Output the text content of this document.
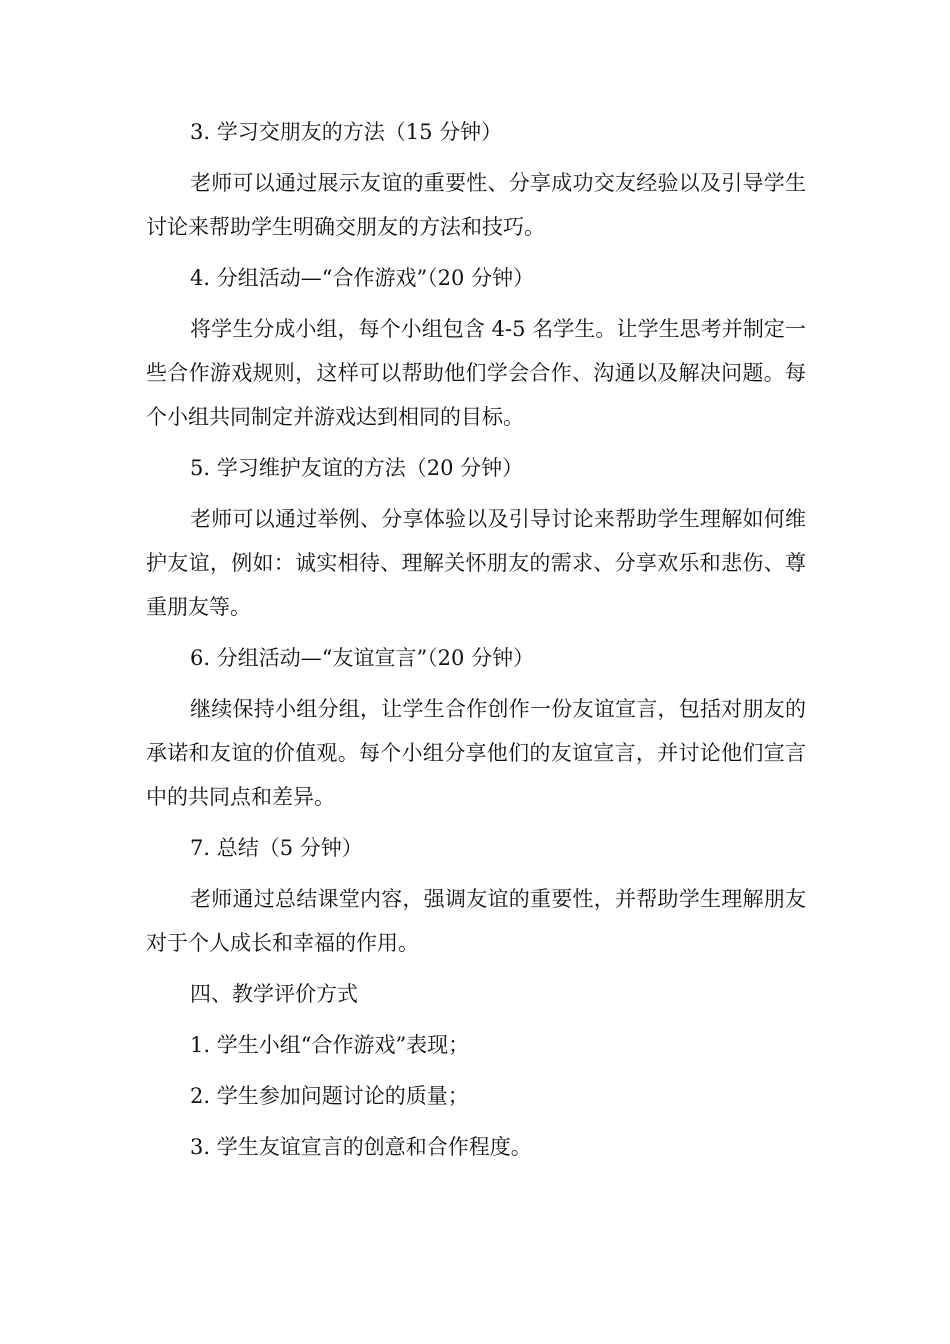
3. 学习交朋友的方法（15 分钟）

老师可以通过展示友谊的重要性、分享成功交友经验以及引导学生讨论来帮助学生明确交朋友的方法和技巧。

4. 分组活动—“合作游戏”（20 分钟）

将学生分成小组，每个小组包含 4-5 名学生。让学生思考并制定一些合作游戏规则，这样可以帮助他们学会合作、沟通以及解决问题。每个小组共同制定并游戏达到相同的目标。

5. 学习维护友谊的方法（20 分钟）

老师可以通过举例、分享体验以及引导讨论来帮助学生理解如何维护友谊，例如：诚实相待、理解关怀朋友的需求、分享欢乐和悲伤、尊重朋友等。

6. 分组活动—“友谊宣言”（20 分钟）

继续保持小组分组，让学生合作创作一份友谊宣言，包括对朋友的承诺和友谊的价值观。每个小组分享他们的友谊宣言，并讨论他们宣言中的共同点和差异。

7. 总结（5 分钟）

老师通过总结课堂内容，强调友谊的重要性，并帮助学生理解朋友对于个人成长和幸福的作用。

四、教学评价方式

1. 学生小组“合作游戏”表现；

2. 学生参加问题讨论的质量；

3. 学生友谊宣言的创意和合作程度。
